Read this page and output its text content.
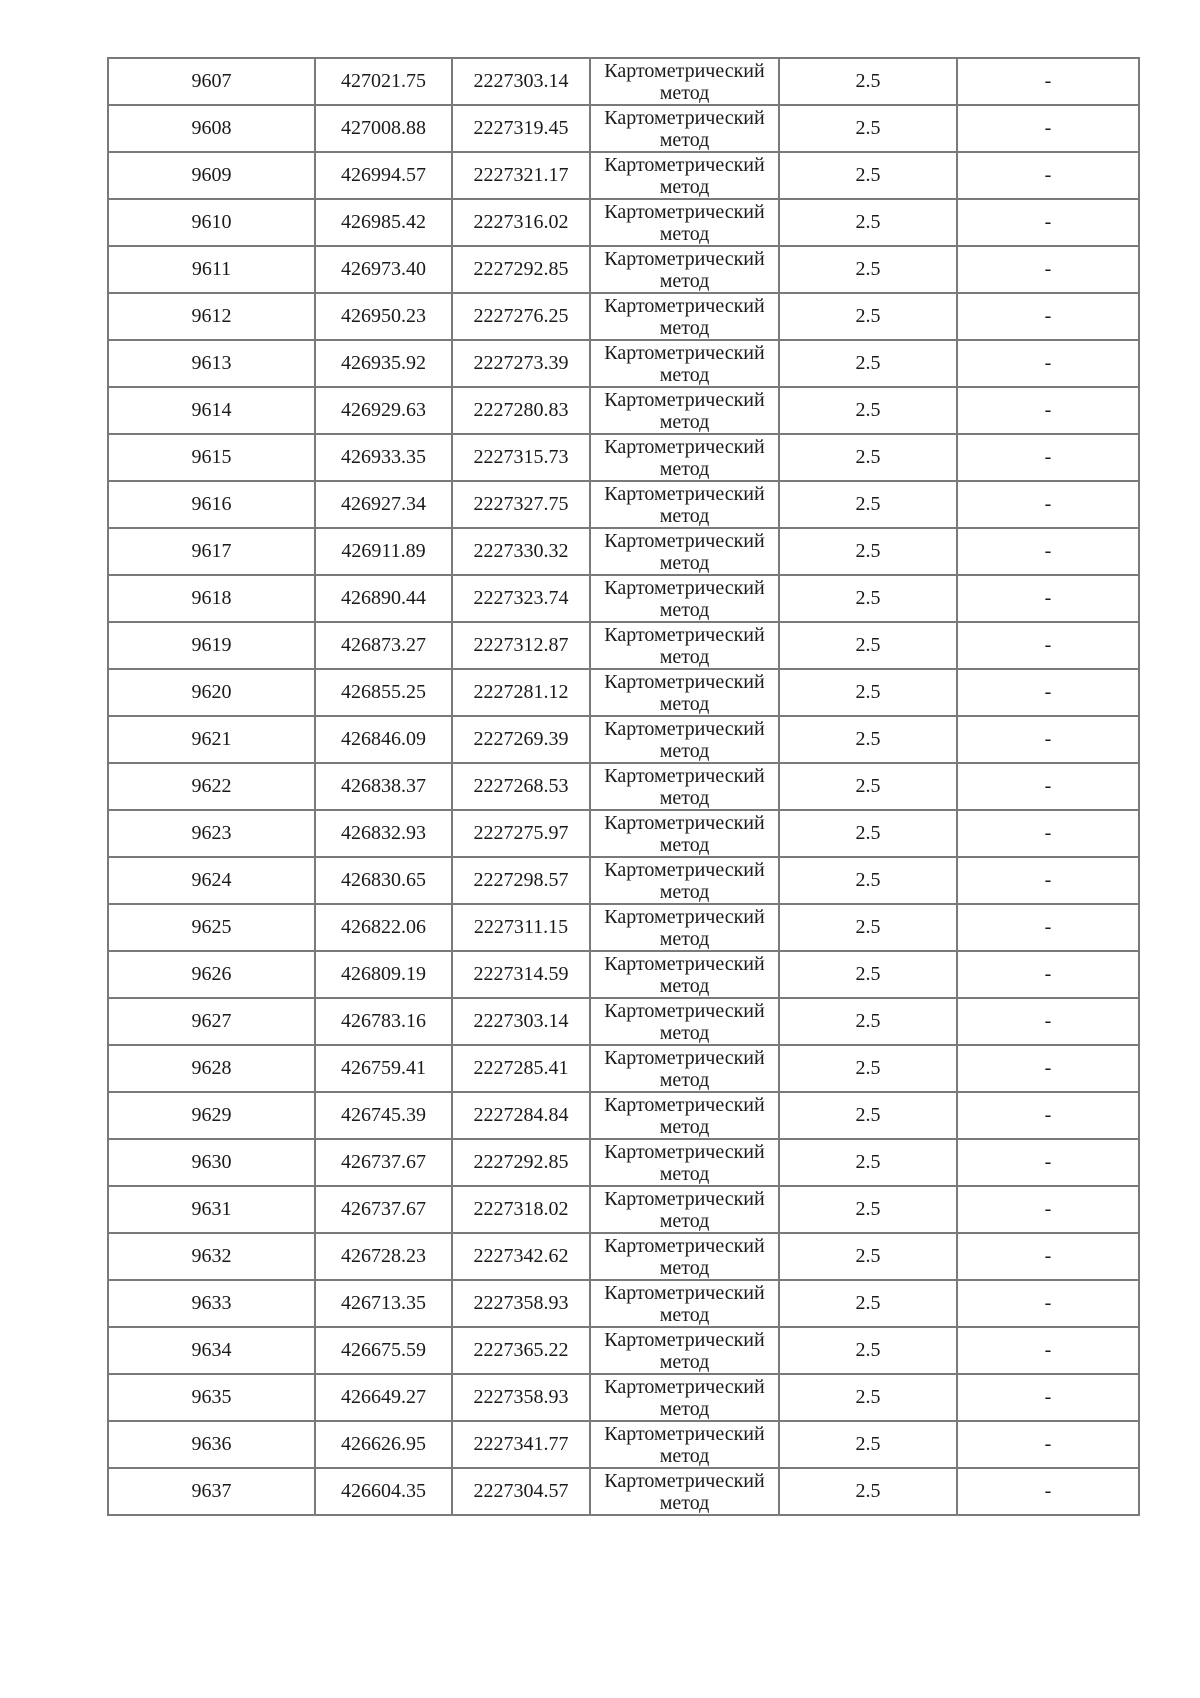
9607	427021.75	2227303.14	Картометрический
метод	2.5	-
9608	427008.88	2227319.45	Картометрический
метод	2.5	-
9609	426994.57	2227321.17	Картометрический
метод	2.5	-
9610	426985.42	2227316.02	Картометрический
метод	2.5	-
9611	426973.40	2227292.85	Картометрический
метод	2.5	-
9612	426950.23	2227276.25	Картометрический
метод	2.5	-
9613	426935.92	2227273.39	Картометрический
метод	2.5	-
9614	426929.63	2227280.83	Картометрический
метод	2.5	-
9615	426933.35	2227315.73	Картометрический
метод	2.5	-
9616	426927.34	2227327.75	Картометрический
метод	2.5	-
9617	426911.89	2227330.32	Картометрический
метод	2.5	-
9618	426890.44	2227323.74	Картометрический
метод	2.5	-
9619	426873.27	2227312.87	Картометрический
метод	2.5	-
9620	426855.25	2227281.12	Картометрический
метод	2.5	-
9621	426846.09	2227269.39	Картометрический
метод	2.5	-
9622	426838.37	2227268.53	Картометрический
метод	2.5	-
9623	426832.93	2227275.97	Картометрический
метод	2.5	-
9624	426830.65	2227298.57	Картометрический
метод	2.5	-
9625	426822.06	2227311.15	Картометрический
метод	2.5	-
9626	426809.19	2227314.59	Картометрический
метод	2.5	-
9627	426783.16	2227303.14	Картометрический
метод	2.5	-
9628	426759.41	2227285.41	Картометрический
метод	2.5	-
9629	426745.39	2227284.84	Картометрический
метод	2.5	-
9630	426737.67	2227292.85	Картометрический
метод	2.5	-
9631	426737.67	2227318.02	Картометрический
метод	2.5	-
9632	426728.23	2227342.62	Картометрический
метод	2.5	-
9633	426713.35	2227358.93	Картометрический
метод	2.5	-
9634	426675.59	2227365.22	Картометрический
метод	2.5	-
9635	426649.27	2227358.93	Картометрический
метод	2.5	-
9636	426626.95	2227341.77	Картометрический
метод	2.5	-
9637	426604.35	2227304.57	Картометрический
метод	2.5	-
